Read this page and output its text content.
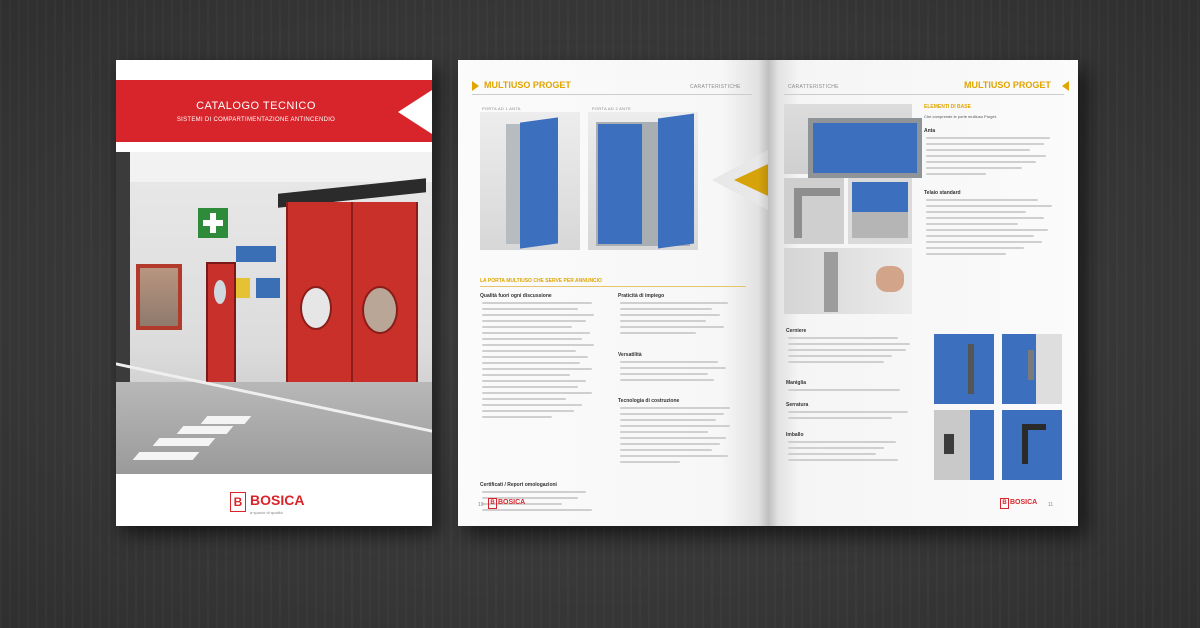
CATALOGO TECNICO
SISTEMI DI COMPARTIMENTAZIONE ANTINCENDIO
B BOSICA
a·spazio·di·qualità
MULTIUSO PROGET	CARATTERISTICHE
PORTA AD 1 ANTA	PORTA AD 2 ANTE
LA PORTA MULTIUSO CHE SERVE PER ANNUNCIO
Qualità fuori ogni discussione
Certificati / Report omologazioni
Praticità di impiego
Versatilità
Tecnologia di costruzione
10	B BOSICA
CARATTERISTICHE	MULTIUSO PROGET
ELEMENTI DI BASE
Che comprende le porte multiuso Proget.
Anta
Telaio standard
Cerniere
Maniglia
Serratura
Imballo
B BOSICA 11
